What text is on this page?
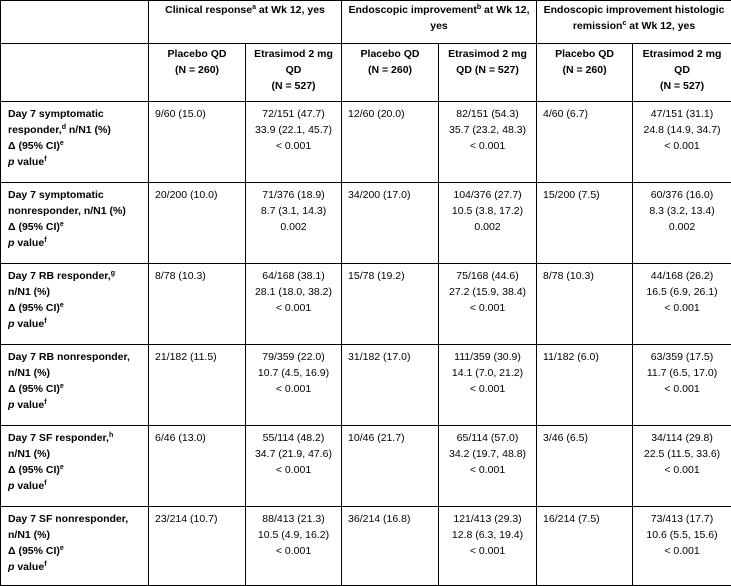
	Clinical response$^a$ at Wk 12, yes		Endoscopic improvement$^b$ at Wk 12, yes		Endoscopic improvement histologic remission$^c$ at Wk 12, yes	

	Placebo QD
(N = 260)	Etrasimod 2 mg
QD
(N = 527)	Placebo QD
(N = 260)	Etrasimod 2 mg
QD (N = 527)	Placebo QD
(N = 260)	Etrasimod 2 mg
QD
(N = 527)

Day 7 symptomatic
responder,$^d$ n/N1 (%)
Δ (95% CI)$^e$
p value$^f$	9/60 (15.0)	72/151 (47.7)
33.9 (22.1, 45.7)
< 0.001	12/60 (20.0)	82/151 (54.3)
35.7 (23.2, 48.3)
< 0.001	4/60 (6.7)	47/151 (31.1)
24.8 (14.9, 34.7)
< 0.001

Day 7 symptomatic
nonresponder, n/N1 (%)
Δ (95% CI)$^e$
p value$^f$	20/200 (10.0)	71/376 (18.9)
8.7 (3.1, 14.3)
0.002	34/200 (17.0)	104/376 (27.7)
10.5 (3.8, 17.2)
0.002	15/200 (7.5)	60/376 (16.0)
8.3 (3.2, 13.4)
0.002

Day 7 RB responder,$^g$
n/N1 (%)
Δ (95% CI)$^e$
p value$^f$	8/78 (10.3)	64/168 (38.1)
28.1 (18.0, 38.2)
< 0.001	15/78 (19.2)	75/168 (44.6)
27.2 (15.9, 38.4)
< 0.001	8/78 (10.3)	44/168 (26.2)
16.5 (6.9, 26.1)
< 0.001

Day 7 RB nonresponder,
n/N1 (%)
Δ (95% CI)$^e$
p value$^f$	21/182 (11.5)	79/359 (22.0)
10.7 (4.5, 16.9)
< 0.001	31/182 (17.0)	111/359 (30.9)
14.1 (7.0, 21.2)
< 0.001	11/182 (6.0)	63/359 (17.5)
11.7 (6.5, 17.0)
< 0.001

Day 7 SF responder,$^h$
n/N1 (%)
Δ (95% CI)$^e$
p value$^f$	6/46 (13.0)	55/114 (48.2)
34.7 (21.9, 47.6)
< 0.001	10/46 (21.7)	65/114 (57.0)
34.2 (19.7, 48.8)
< 0.001	3/46 (6.5)	34/114 (29.8)
22.5 (11.5, 33.6)
< 0.001

Day 7 SF nonresponder,
n/N1 (%)
Δ (95% CI)$^e$
p value$^f$	23/214 (10.7)	88/413 (21.3)
10.5 (4.9, 16.2)
< 0.001	36/214 (16.8)	121/413 (29.3)
12.8 (6.3, 19.4)
< 0.001	16/214 (7.5)	73/413 (17.7)
10.6 (5.5, 15.6)
< 0.001
